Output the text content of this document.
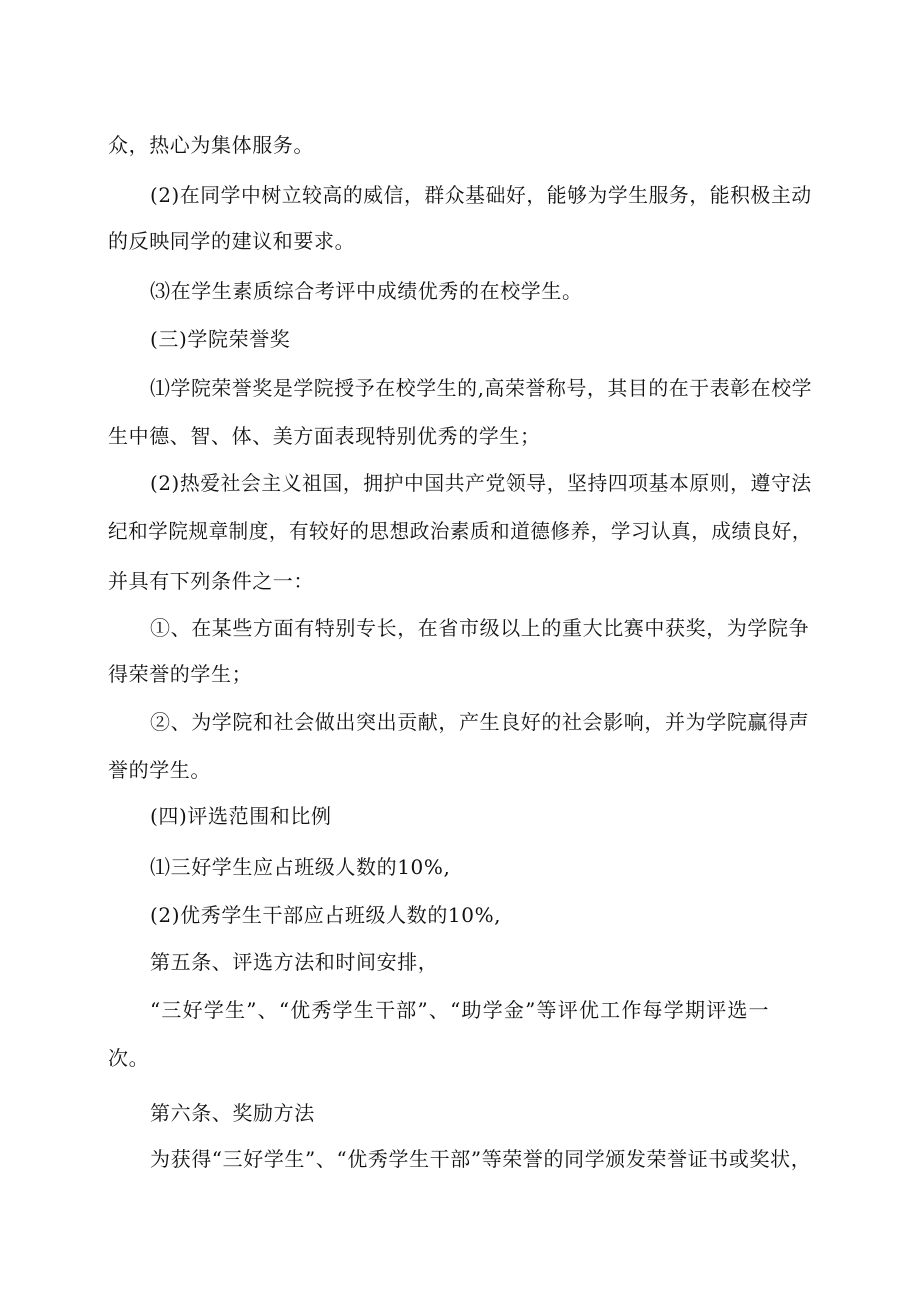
众，热心为集体服务。
(2)在同学中树立较高的威信，群众基础好，能够为学生服务，能积极主动
的反映同学的建议和要求。
⑶在学生素质综合考评中成绩优秀的在校学生。
(三)学院荣誉奖
⑴学院荣誉奖是学院授予在校学生的,高荣誉称号，其目的在于表彰在校学
生中德、智、体、美方面表现特别优秀的学生；
(2)热爱社会主义祖国，拥护中国共产党领导，坚持四项基本原则，遵守法
纪和学院规章制度，有较好的思想政治素质和道德修养，学习认真，成绩良好，
并具有下列条件之一：
①、在某些方面有特别专长，在省市级以上的重大比赛中获奖，为学院争
得荣誉的学生；
②、为学院和社会做出突出贡献，产生良好的社会影响，并为学院赢得声
誉的学生。
(四)评选范围和比例
⑴三好学生应占班级人数的10%,
(2)优秀学生干部应占班级人数的10%,
第五条、评选方法和时间安排，
“三好学生”、“优秀学生干部”、“助学金”等评优工作每学期评选一
次。
第六条、奖励方法
为获得“三好学生”、“优秀学生干部”等荣誉的同学颁发荣誉证书或奖状，
